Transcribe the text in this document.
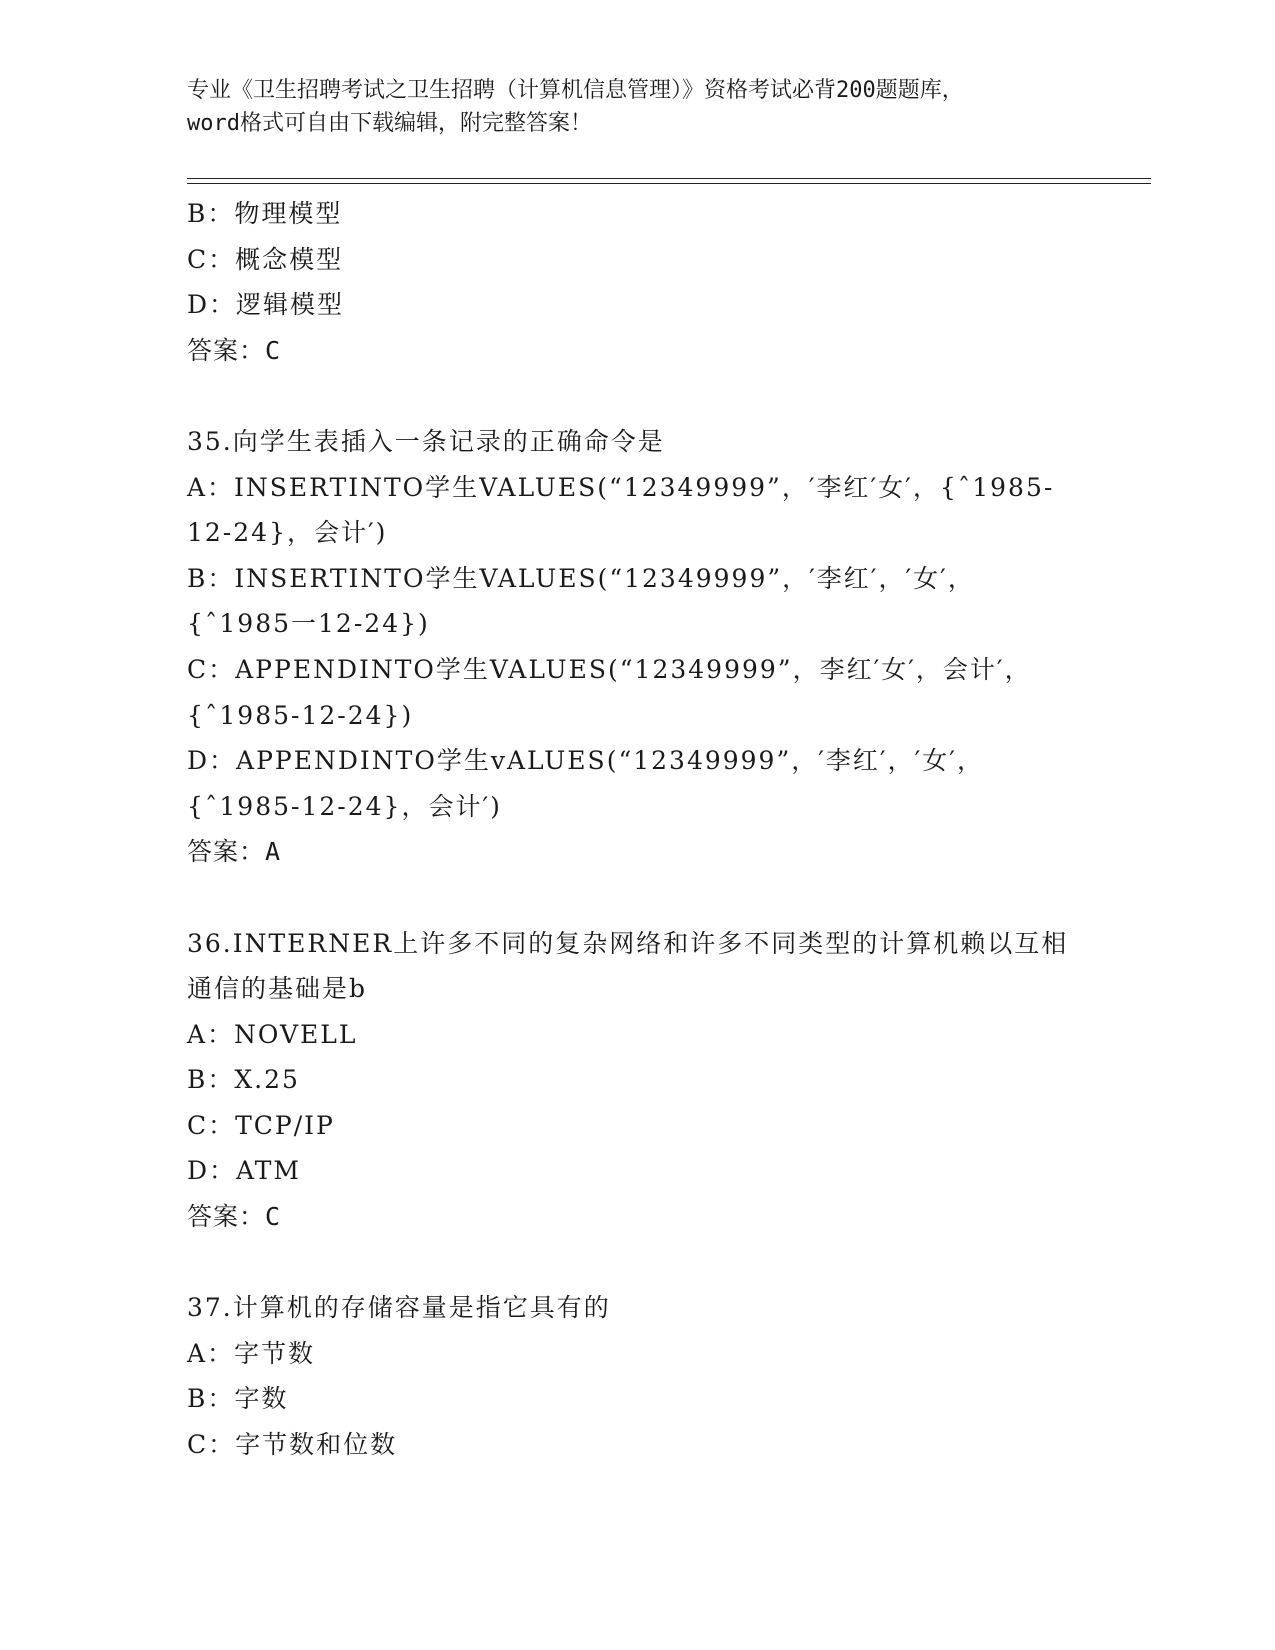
专业《卫生招聘考试之卫生招聘（计算机信息管理）》资格考试必背200题题库，
word格式可自由下载编辑，附完整答案！
B：物理模型
C：概念模型
D：逻辑模型
答案：C
35.向学生表插入一条记录的正确命令是
A：INSERTINTO学生VALUES(“12349999”，′李红′女′，{ˆ1985-
12-24}，会计′)
B：INSERTINTO学生VALUES(“12349999”，′李红′，′女′，
{ˆ1985一12-24})
C：APPENDINTO学生VALUES(“12349999”，李红′女′，会计′，
{ˆ1985-12-24})
D：APPENDINTO学生vALUES(“12349999”，′李红′，′女′，
{ˆ1985-12-24}，会计′)
答案：A
36.INTERNER上许多不同的复杂网络和许多不同类型的计算机赖以互相
通信的基础是b
A：NOVELL
B：X.25
C：TCP/IP
D：ATM
答案：C
37.计算机的存储容量是指它具有的
A：字节数
B：字数
C：字节数和位数
